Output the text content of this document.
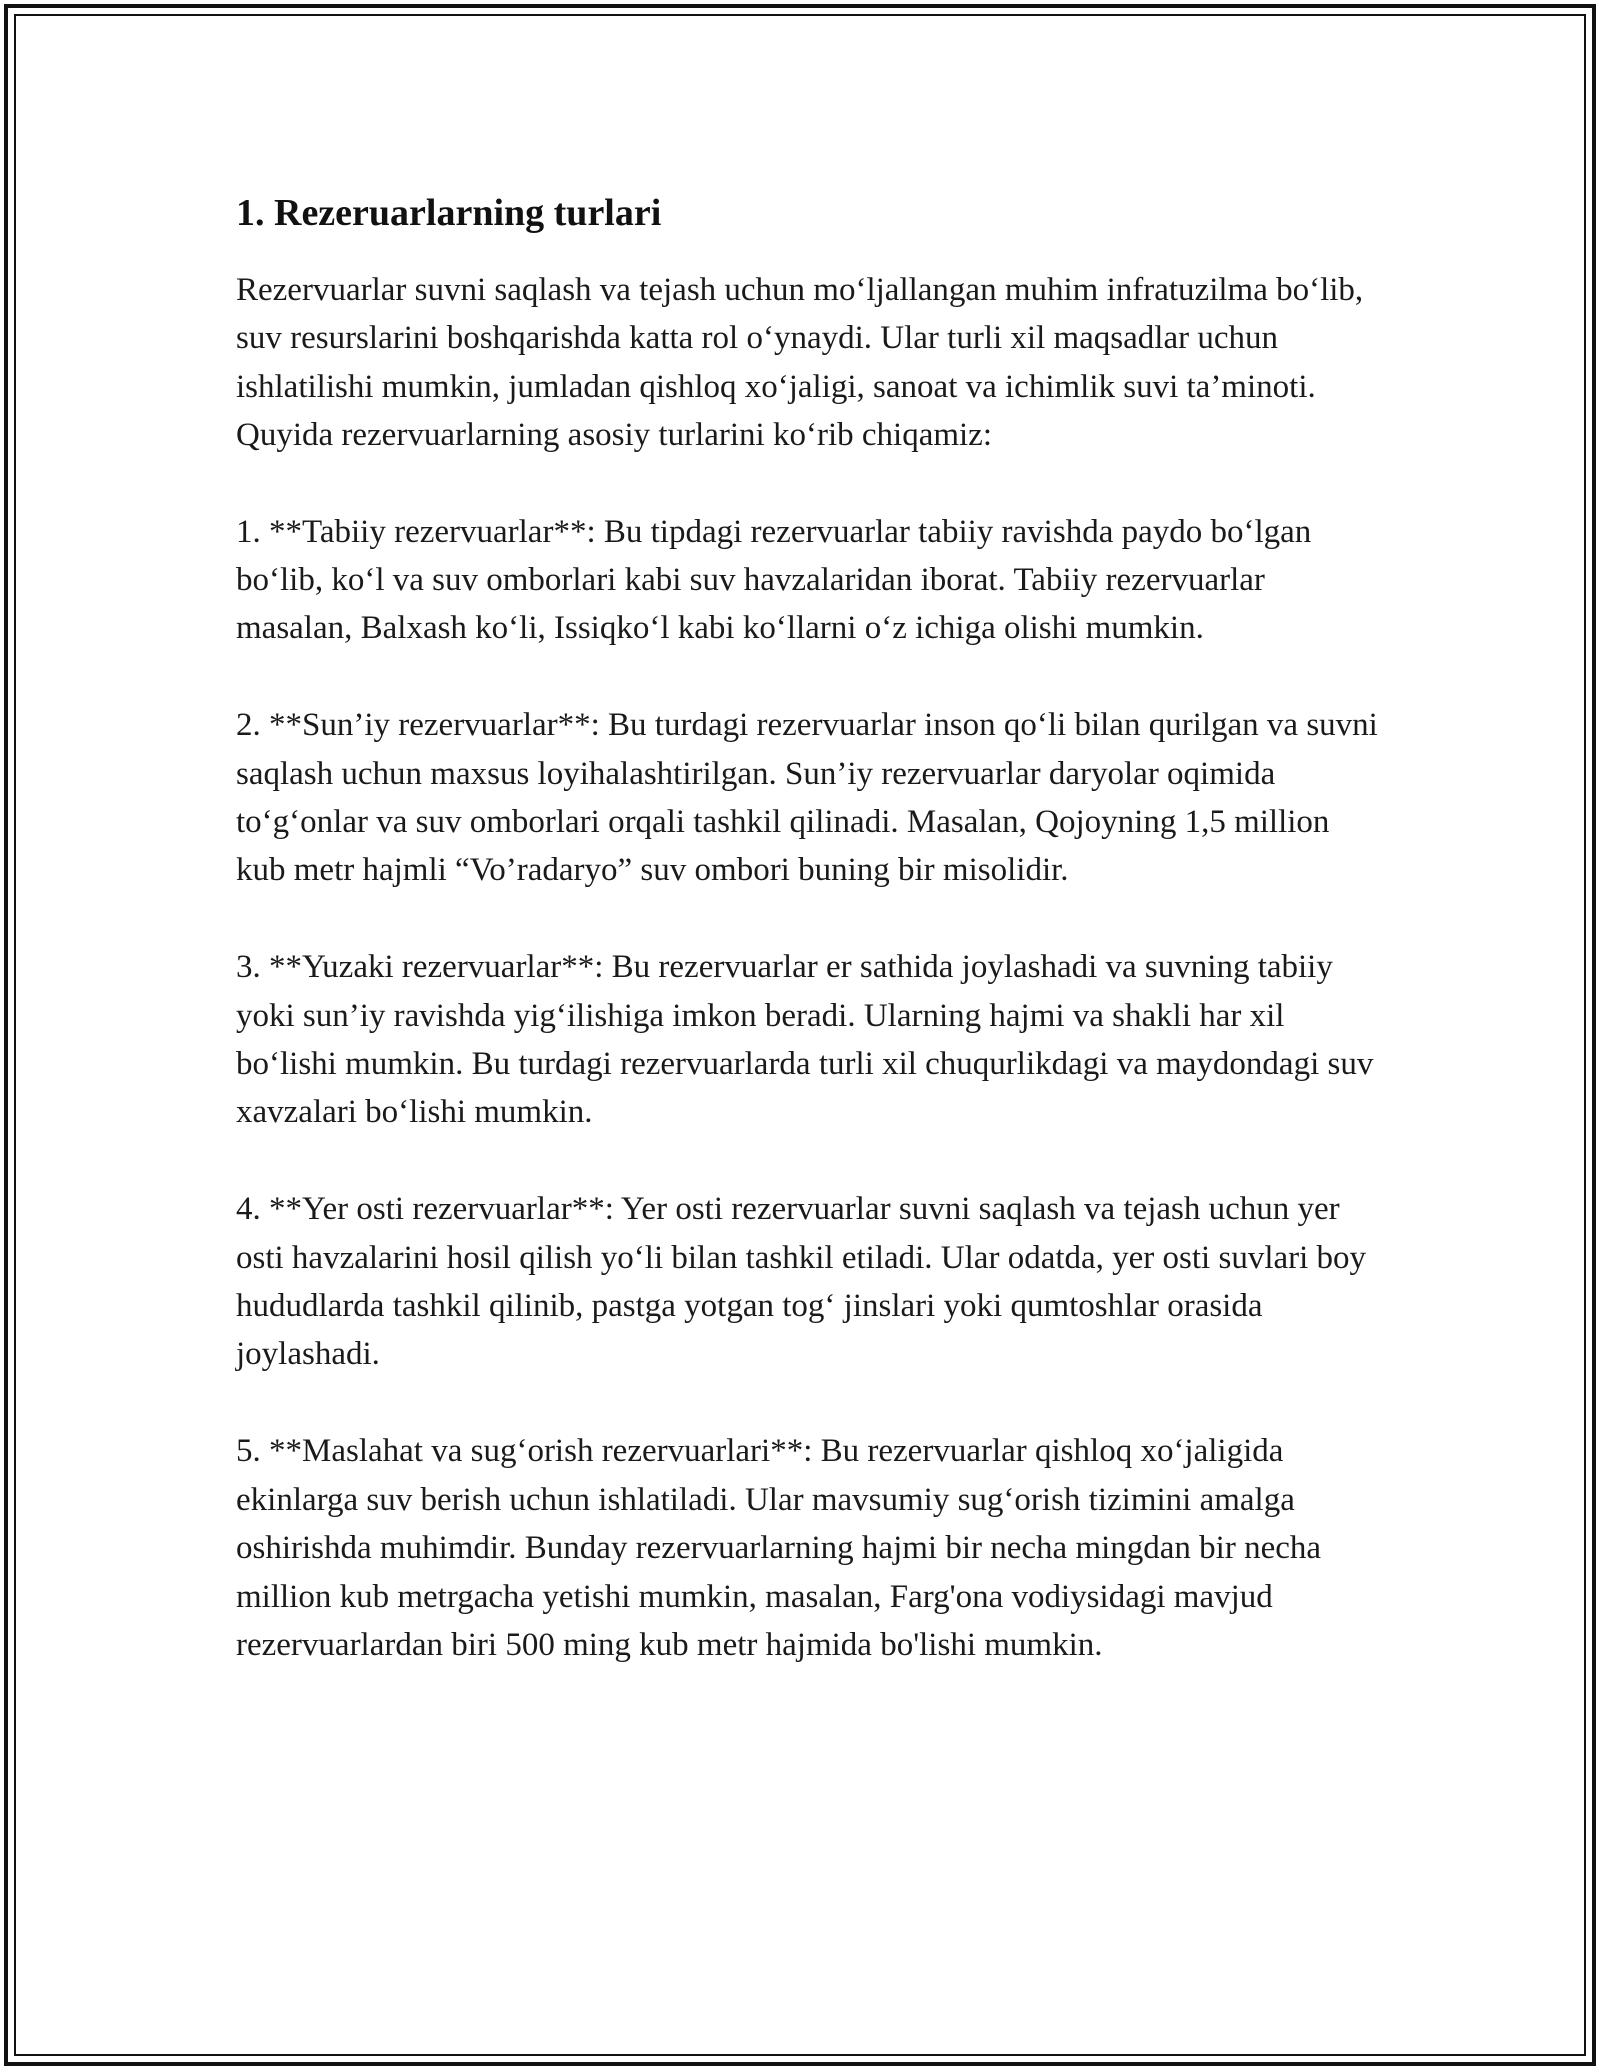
1. Rezeruarlarning turlari

Rezervuarlar suvni saqlash va tejash uchun mo‘ljallangan muhim infratuzilma bo‘lib, suv resurslarini boshqarishda katta rol o‘ynaydi. Ular turli xil maqsadlar uchun ishlatilishi mumkin, jumladan qishloq xo‘jaligi, sanoat va ichimlik suvi ta’minoti. Quyida rezervuarlarning asosiy turlarini ko‘rib chiqamiz:

1. **Tabiiy rezervuarlar**: Bu tipdagi rezervuarlar tabiiy ravishda paydo bo‘lgan bo‘lib, ko‘l va suv omborlari kabi suv havzalaridan iborat. Tabiiy rezervuarlar masalan, Balxash ko‘li, Issiqko‘l kabi ko‘llarni o‘z ichiga olishi mumkin.

2. **Sun’iy rezervuarlar**: Bu turdagi rezervuarlar inson qo‘li bilan qurilgan va suvni saqlash uchun maxsus loyihalashtirilgan. Sun’iy rezervuarlar daryolar oqimida to‘g‘onlar va suv omborlari orqali tashkil qilinadi. Masalan, Qojoyning 1,5 million kub metr hajmli “Vo’radaryo” suv ombori buning bir misolidir.

3. **Yuzaki rezervuarlar**: Bu rezervuarlar er sathida joylashadi va suvning tabiiy yoki sun’iy ravishda yig‘ilishiga imkon beradi. Ularning hajmi va shakli har xil bo‘lishi mumkin. Bu turdagi rezervuarlarda turli xil chuqurlikdagi va maydondagi suv xavzalari bo‘lishi mumkin.

4. **Yer osti rezervuarlar**: Yer osti rezervuarlar suvni saqlash va tejash uchun yer osti havzalarini hosil qilish yo‘li bilan tashkil etiladi. Ular odatda, yer osti suvlari boy hududlarda tashkil qilinib, pastga yotgan tog‘ jinslari yoki qumtoshlar orasida joylashadi.

5. **Maslahat va sug‘orish rezervuarlari**: Bu rezervuarlar qishloq xo‘jaligida ekinlarga suv berish uchun ishlatiladi. Ular mavsumiy sug‘orish tizimini amalga oshirishda muhimdir. Bunday rezervuarlarning hajmi bir necha mingdan bir necha million kub metrgacha yetishi mumkin, masalan, Farg'ona vodiysidagi mavjud rezervuarlardan biri 500 ming kub metr hajmida bo'lishi mumkin.
